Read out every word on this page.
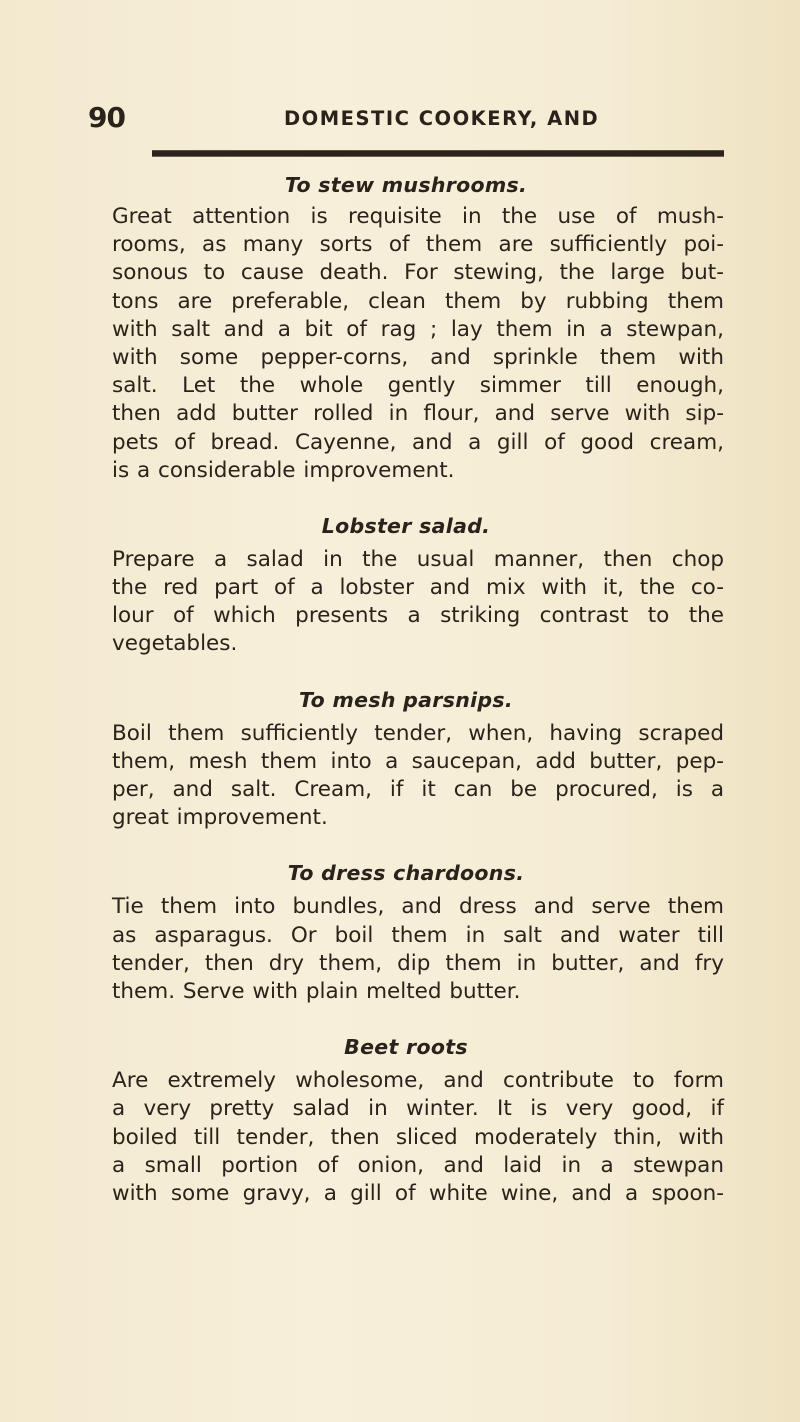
90	DOMESTIC COOKERY, AND
To stew mushrooms.
Great attention is requisite in the use of mush-
rooms, as many sorts of them are sufficiently poi-
sonous to cause death. For stewing, the large but-
tons are preferable, clean them by rubbing them
with salt and a bit of rag ; lay them in a stewpan,
with some pepper-corns, and sprinkle them with
salt. Let the whole gently simmer till enough,
then add butter rolled in flour, and serve with sip-
pets of bread. Cayenne, and a gill of good cream,
is a considerable improvement.
Lobster salad.
Prepare a salad in the usual manner, then chop
the red part of a lobster and mix with it, the co-
lour of which presents a striking contrast to the
vegetables.
To mesh parsnips.
Boil them sufficiently tender, when, having scraped
them, mesh them into a saucepan, add butter, pep-
per, and salt. Cream, if it can be procured, is a
great improvement.
To dress chardoons.
Tie them into bundles, and dress and serve them
as asparagus. Or boil them in salt and water till
tender, then dry them, dip them in butter, and fry
them. Serve with plain melted butter.
Beet roots
Are extremely wholesome, and contribute to form
a very pretty salad in winter. It is very good, if
boiled till tender, then sliced moderately thin, with
a small portion of onion, and laid in a stewpan
with some gravy, a gill of white wine, and a spoon-
